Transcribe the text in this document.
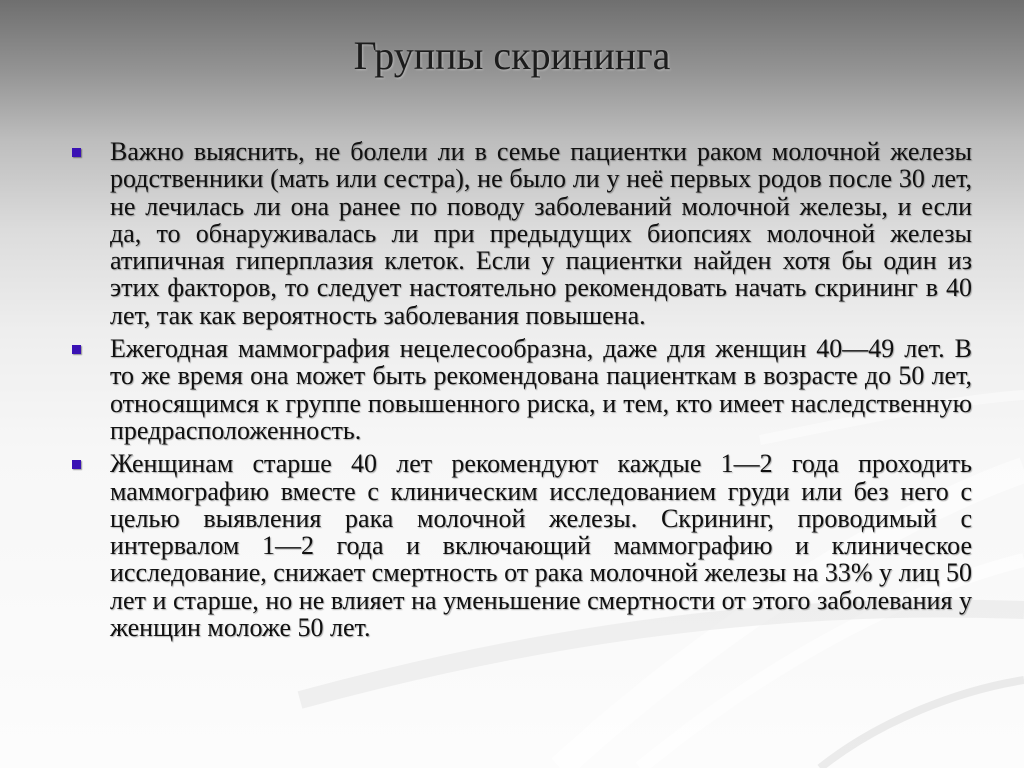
Группы скрининга
Важно выяснить, не болели ли в семье пациентки раком молочной железы родственники (мать или сестра), не было ли у неё первых родов после 30 лет, не лечилась ли она ранее по поводу заболеваний молочной железы, и если да, то обнаруживалась ли при предыдущих биопсиях молочной железы атипичная гиперплазия клеток. Если у пациентки найден хотя бы один из этих факторов, то следует настоятельно рекомендовать начать скрининг в 40 лет, так как вероятность заболевания повышена.
Ежегодная маммография нецелесообразна, даже для женщин 40—49 лет. В то же время она может быть рекомендована пациенткам в возрасте до 50 лет, относящимся к группе повышенного риска, и тем, кто имеет наследственную предрасположенность.
Женщинам старше 40 лет рекомендуют каждые 1—2 года проходить маммографию вместе с клиническим исследованием груди или без него с целью выявления рака молочной железы. Скрининг, проводимый с интервалом 1—2 года и включающий маммографию и клиническое исследование, снижает смертность от рака молочной железы на 33% у лиц 50 лет и старше, но не влияет на уменьшение смертности от этого заболевания у женщин моложе 50 лет.
